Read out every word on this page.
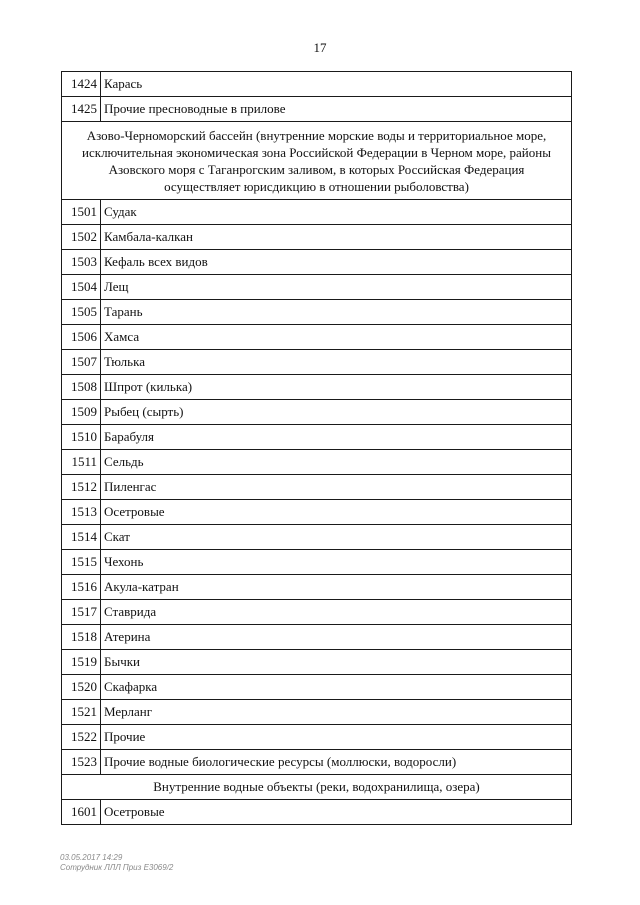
17
1424	Карась
1425	Прочие пресноводные в прилове
Азово-Черноморский бассейн (внутренние морские воды и территориальное море, исключительная экономическая зона Российской Федерации в Черном море, районы Азовского моря с Таганрогским заливом, в которых Российская Федерация осуществляет юрисдикцию в отношении рыболовства)	
1501	Судак
1502	Камбала-калкан
1503	Кефаль всех видов
1504	Лещ
1505	Тарань
1506	Хамса
1507	Тюлька
1508	Шпрот (килька)
1509	Рыбец (сырть)
1510	Барабуля
1511	Сельдь
1512	Пиленгас
1513	Осетровые
1514	Скат
1515	Чехонь
1516	Акула-катран
1517	Ставрида
1518	Атерина
1519	Бычки
1520	Скафарка
1521	Мерланг
1522	Прочие
1523	Прочие водные биологические ресурсы (моллюски, водоросли)
Внутренние водные объекты (реки, водохранилища, озера)	
1601	Осетровые
03.05.2017 14:29
Сотрудник ЛЛЛ Приз Е3069/2
